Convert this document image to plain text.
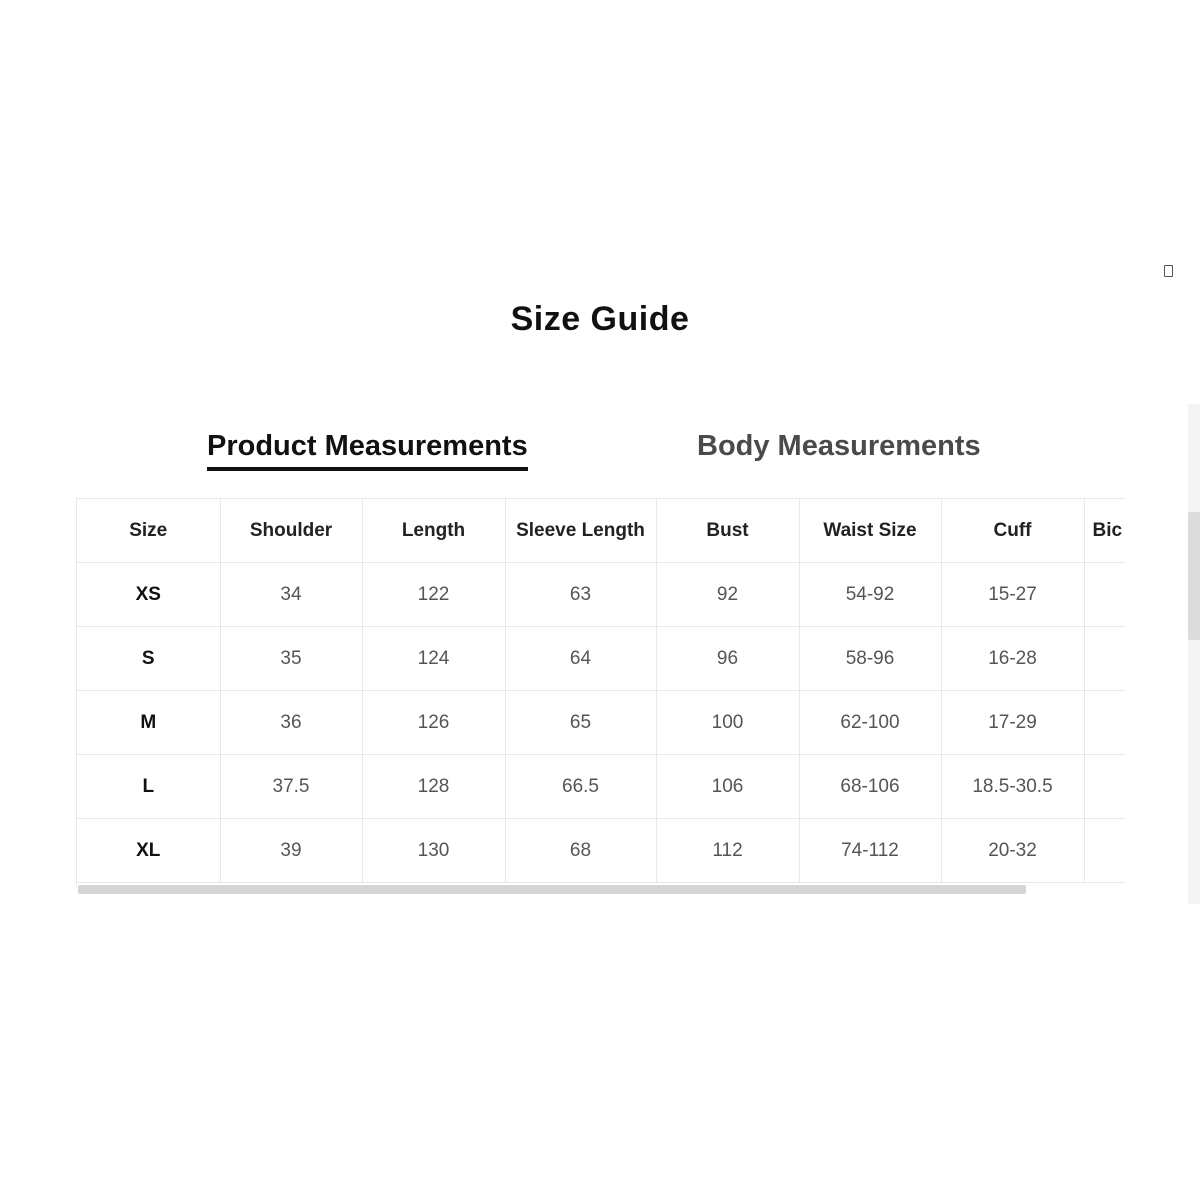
Size Guide
Product Measurements	Body Measurements
Size	Shoulder	Length	Sleeve Length	Bust	Waist Size	Cuff	Bic
XS	34	122	63	92	54-92	15-27	
S	35	124	64	96	58-96	16-28	
M	36	126	65	100	62-100	17-29	
L	37.5	128	66.5	106	68-106	18.5-30.5	
XL	39	130	68	112	74-112	20-32	
